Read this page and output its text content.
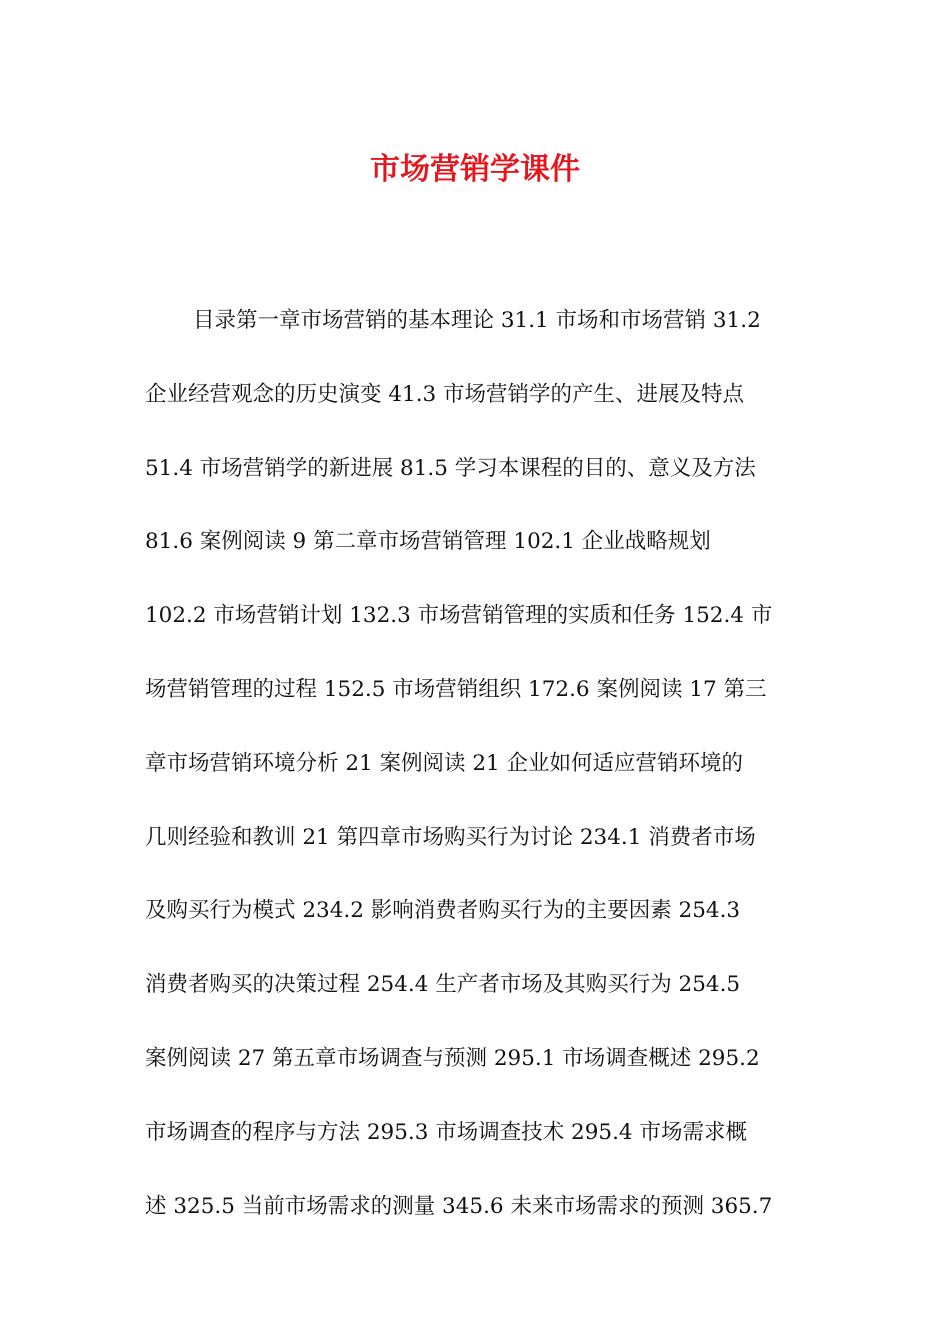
市场营销学课件
目录第一章市场营销的基本理论 31.1 市场和市场营销 31.2
企业经营观念的历史演变 41.3 市场营销学的产生、进展及特点
51.4 市场营销学的新进展 81.5 学习本课程的目的、意义及方法
81.6 案例阅读 9 第二章市场营销管理 102.1 企业战略规划
102.2 市场营销计划 132.3 市场营销管理的实质和任务 152.4 市
场营销管理的过程 152.5 市场营销组织 172.6 案例阅读 17 第三
章市场营销环境分析 21 案例阅读 21 企业如何适应营销环境的
几则经验和教训 21 第四章市场购买行为讨论 234.1 消费者市场
及购买行为模式 234.2 影响消费者购买行为的主要因素 254.3
消费者购买的决策过程 254.4 生产者市场及其购买行为 254.5
案例阅读 27 第五章市场调查与预测 295.1 市场调查概述 295.2
市场调查的程序与方法 295.3 市场调查技术 295.4 市场需求概
述 325.5 当前市场需求的测量 345.6 未来市场需求的预测 365.7
